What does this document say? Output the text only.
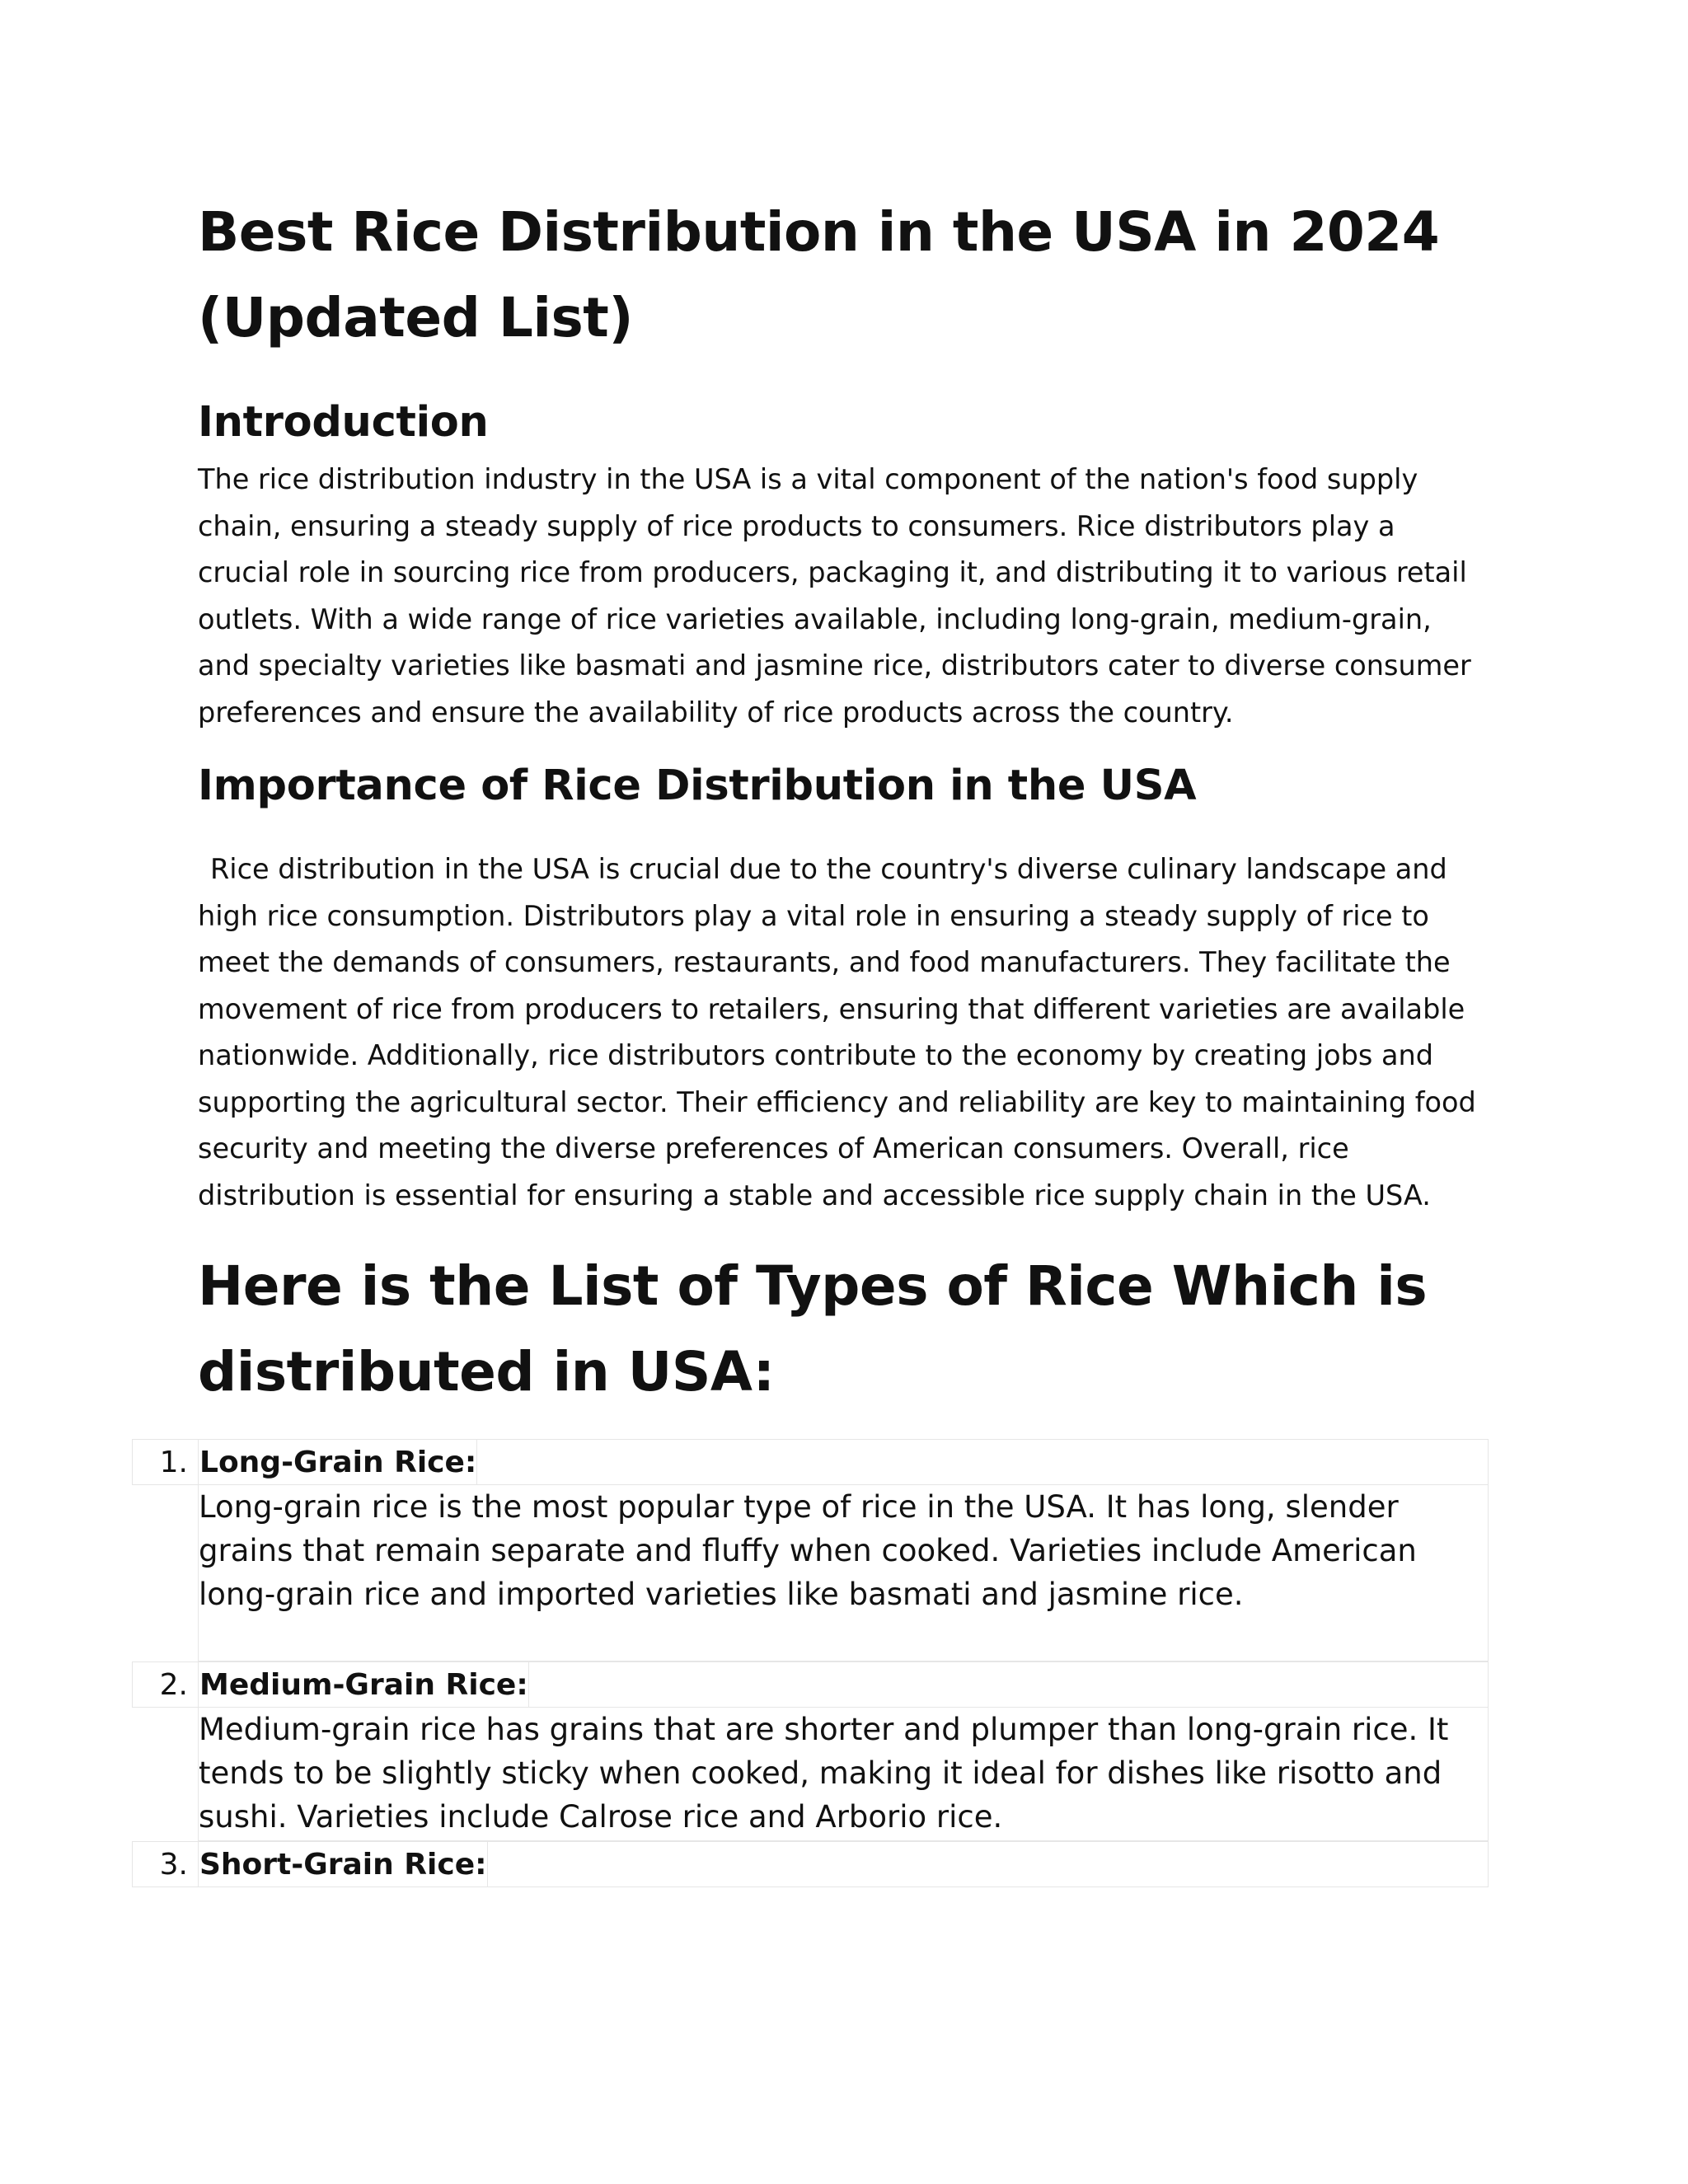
Best Rice Distribution in the USA in 2024 (Updated List)
Introduction

The rice distribution industry in the USA is a vital component of the nation's food supply chain, ensuring a steady supply of rice products to consumers. Rice distributors play a crucial role in sourcing rice from producers, packaging it, and distributing it to various retail outlets. With a wide range of rice varieties available, including long-grain, medium-grain, and specialty varieties like basmati and jasmine rice, distributors cater to diverse consumer preferences and ensure the availability of rice products across the country.

Importance of Rice Distribution in the USA

Rice distribution in the USA is crucial due to the country's diverse culinary landscape and high rice consumption. Distributors play a vital role in ensuring a steady supply of rice to meet the demands of consumers, restaurants, and food manufacturers. They facilitate the movement of rice from producers to retailers, ensuring that different varieties are available nationwide. Additionally, rice distributors contribute to the economy by creating jobs and supporting the agricultural sector. Their efficiency and reliability are key to maintaining food security and meeting the diverse preferences of American consumers. Overall, rice distribution is essential for ensuring a stable and accessible rice supply chain in the USA.

Here is the List of Types of Rice Which is distributed in USA:
1. Long-Grain Rice:
Long-grain rice is the most popular type of rice in the USA. It has long, slender grains that remain separate and fluffy when cooked. Varieties include American long-grain rice and imported varieties like basmati and jasmine rice.
2. Medium-Grain Rice:
Medium-grain rice has grains that are shorter and plumper than long-grain rice. It tends to be slightly sticky when cooked, making it ideal for dishes like risotto and sushi. Varieties include Calrose rice and Arborio rice.
3. Short-Grain Rice:
